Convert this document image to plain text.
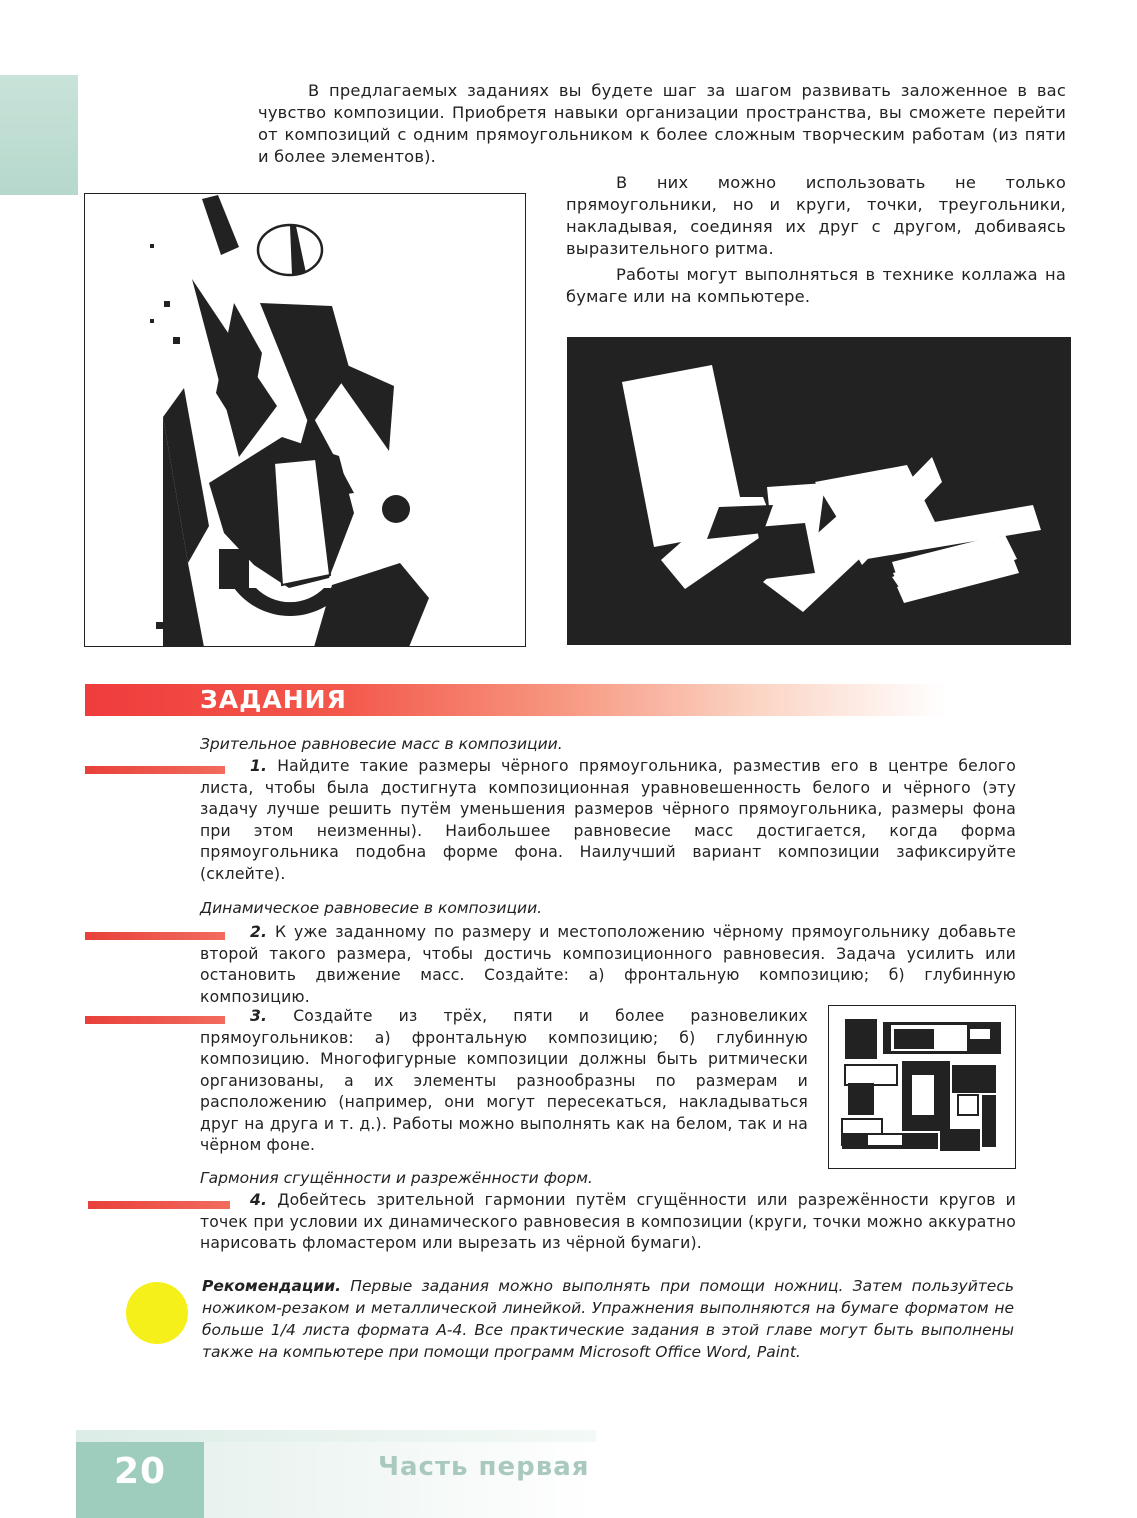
В предлагаемых заданиях вы будете шаг за шагом развивать заложенное в вас чувство композиции. Приобретя навыки организации пространства, вы сможете перейти от композиций с одним прямоугольником к более сложным творческим работам (из пяти и более элементов).

В них можно использовать не только прямоугольники, но и круги, точки, треугольники, накладывая, соединяя их друг с другом, добиваясь выразительного ритма.

Работы могут выполняться в технике коллажа на бумаге или на компьютере.

ЗАДАНИЯ
Зрительное равновесие масс в композиции.

1. Найдите такие размеры чёрного прямоугольника, разместив его в центре белого листа, чтобы была достигнута композиционная уравновешенность белого и чёрного (эту задачу лучше решить путём уменьшения размеров чёрного прямоугольника, размеры фона при этом неизменны). Наибольшее равновесие масс достигается, когда форма прямоугольника подобна форме фона. Наилучший вариант композиции зафиксируйте (склейте).

Динамическое равновесие в композиции.

2. К уже заданному по размеру и местоположению чёрному прямоугольнику добавьте второй такого размера, чтобы достичь композиционного равновесия. Задача усилить или остановить движение масс. Создайте: а) фронтальную композицию; б) глубинную композицию.

3. Создайте из трёх, пяти и более разновеликих прямоугольников: а) фронтальную композицию; б) глубинную композицию. Многофигурные композиции должны быть ритмически организованы, а их элементы разнообразны по размерам и расположению (например, они могут пересекаться, накладываться друг на друга и т. д.). Работы можно выполнять как на белом, так и на чёрном фоне.

Гармония сгущённости и разрежённости форм.

4. Добейтесь зрительной гармонии путём сгущённости или разрежённости кругов и точек при условии их динамического равновесия в композиции (круги, точки можно аккуратно нарисовать фломастером или вырезать из чёрной бумаги).

Рекомендации. Первые задания можно выполнять при помощи ножниц. Затем пользуйтесь ножиком-резаком и металлической линейкой. Упражнения выполняются на бумаге форматом не больше 1/4 листа формата А-4. Все практические задания в этой главе могут быть выполнены также на компьютере при помощи программ Microsoft Office Word, Paint.

20	Часть первая
